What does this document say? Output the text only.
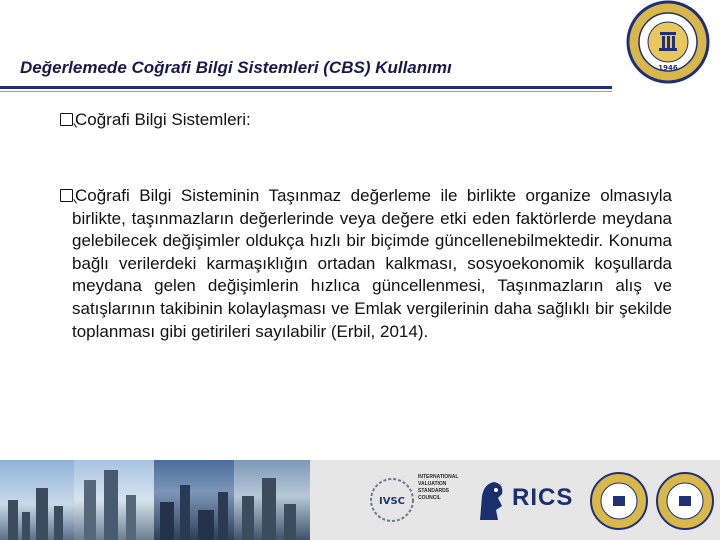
Değerlemede Coğrafi Bilgi Sistemleri (CBS) Kullanımı	1946
Coğrafi Bilgi Sistemleri:
Coğrafi Bilgi Sisteminin Taşınmaz değerleme ile birlikte organize olmasıyla birlikte, taşınmazların değerlerinde veya değere etki eden faktörlerde meydana gelebilecek değişimler oldukça hızlı bir biçimde güncellenebilmektedir. Konuma bağlı verilerdeki karmaşıklığın ortadan kalkması, sosyoekonomik koşullarda meydana gelen değişimlerin hızlıca güncellenmesi, Taşınmazların alış ve satışlarının takibinin kolaylaşması ve Emlak vergilerinin daha sağlıklı bir şekilde toplanması gibi getirileri sayılabilir (Erbil, 2014).
IVSC
INTERNATIONAL VALUATION STANDARDS COUNCIL	RICS
